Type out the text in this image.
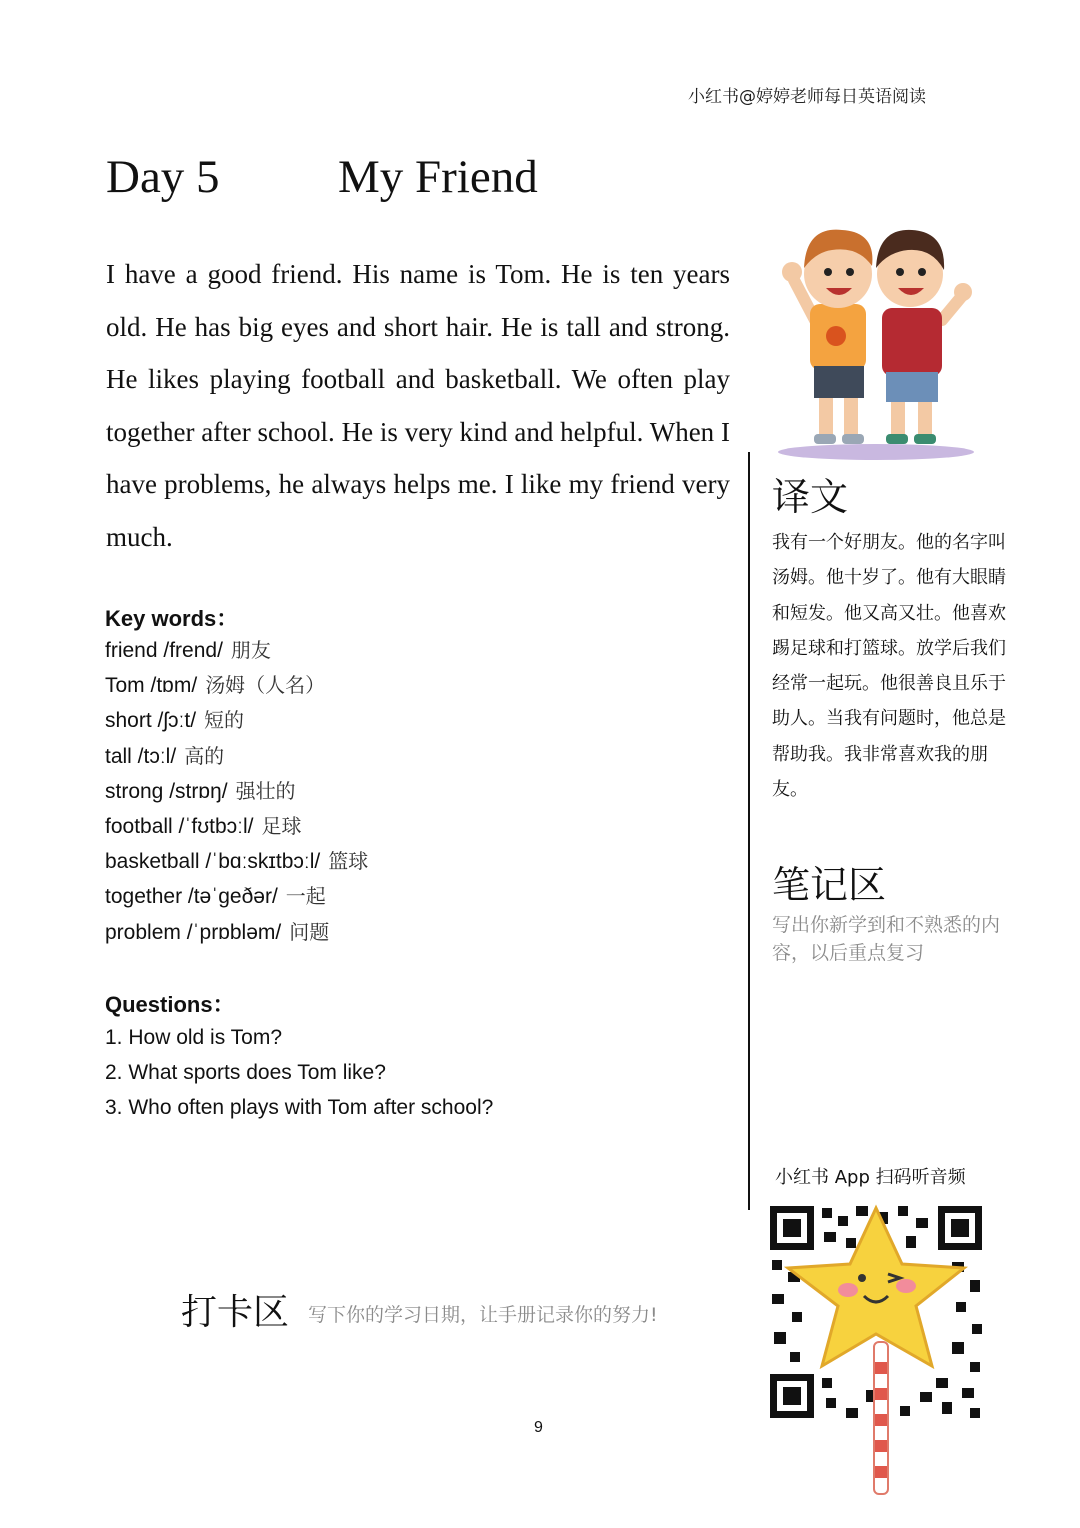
小红书@婷婷老师每日英语阅读
Day 5	My Friend
I have a good friend. His name is Tom. He is ten years old. He has big eyes and short hair. He is tall and strong. He likes playing football and basketball. We often play together after school. He is very kind and helpful. When I have problems, he always helps me. I like my friend very much.
Key words：
friend /frend/ 朋友
Tom /tɒm/ 汤姆（人名）
short /ʃɔːt/ 短的
tall /tɔːl/ 高的
strong /strɒŋ/ 强壮的
football /ˈfʊtbɔːl/ 足球
basketball /ˈbɑːskɪtbɔːl/ 篮球
together /təˈɡeðər/ 一起
problem /ˈprɒbləm/ 问题
Questions：
1. How old is Tom?
2. What sports does Tom like?
3. Who often plays with Tom after school?
译文
我有一个好朋友。他的名字叫汤姆。他十岁了。他有大眼睛和短发。他又高又壮。他喜欢踢足球和打篮球。放学后我们经常一起玩。他很善良且乐于助人。当我有问题时，他总是帮助我。我非常喜欢我的朋友。
笔记区
写出你新学到和不熟悉的内容，以后重点复习
小红书 App 扫码听音频
打卡区 写下你的学习日期，让手册记录你的努力!
9
